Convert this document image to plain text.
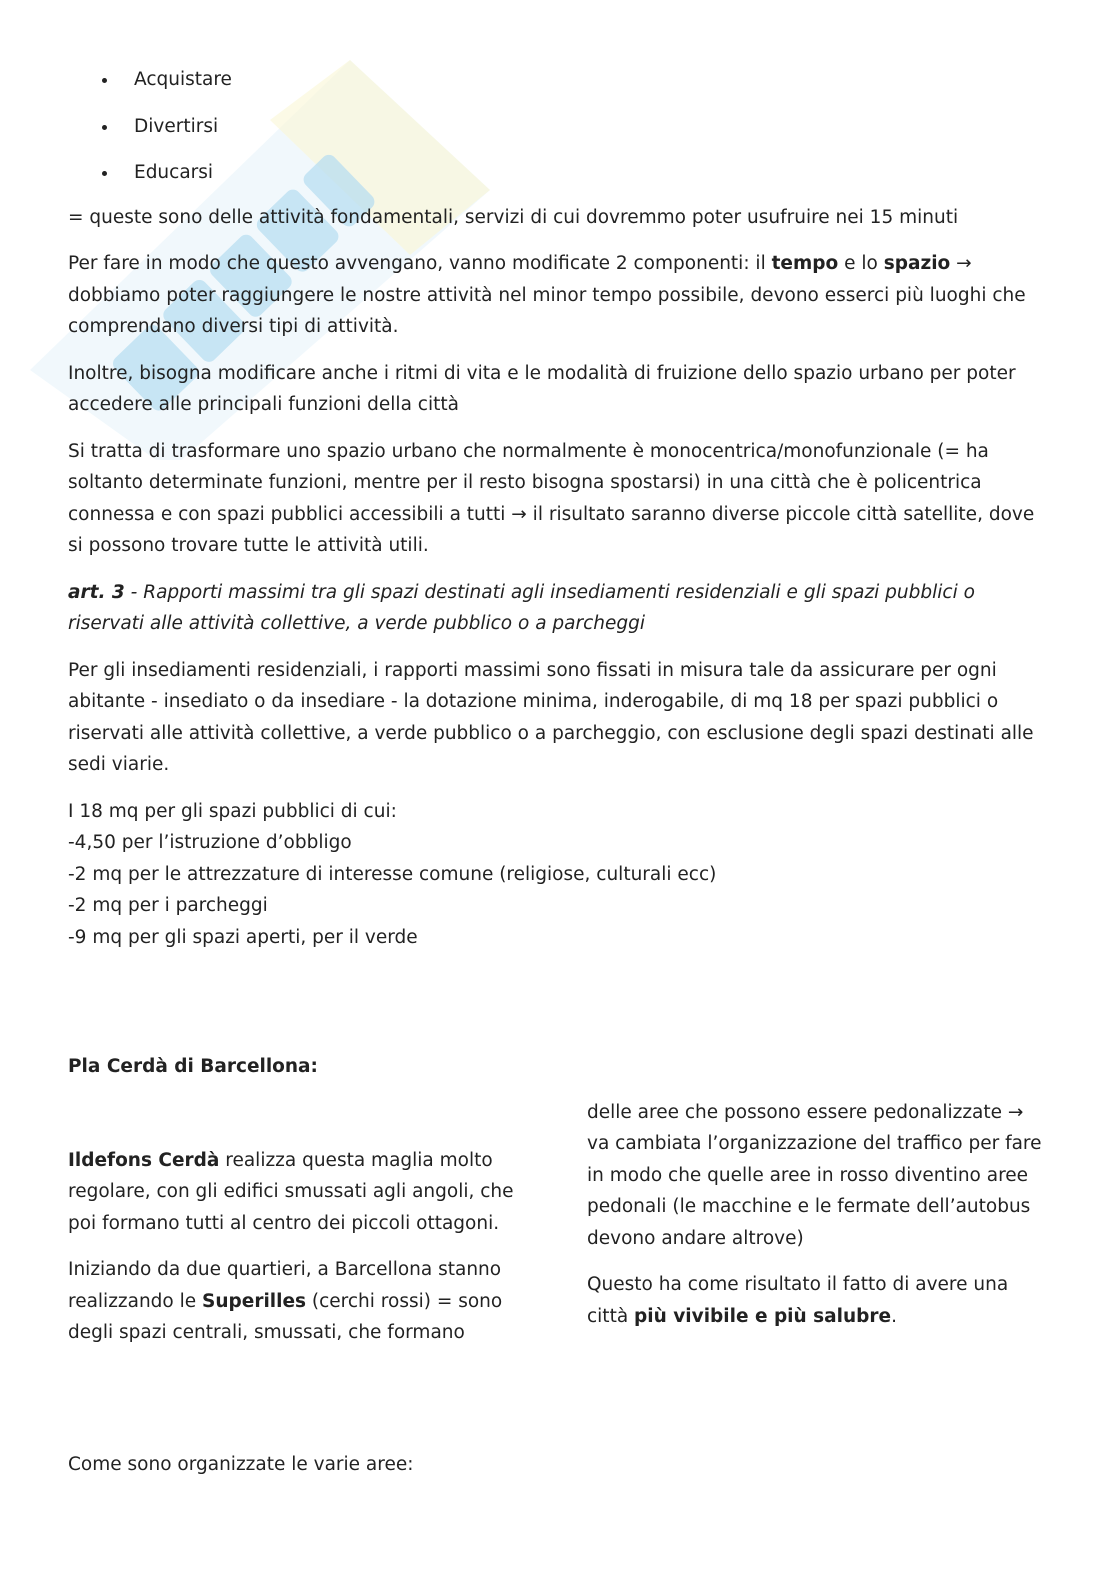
Acquistare
Divertirsi
Educarsi

= queste sono delle attività fondamentali, servizi di cui dovremmo poter usufruire nei 15 minuti

Per fare in modo che questo avvengano, vanno modificate 2 componenti: il tempo e lo spazio → dobbiamo poter raggiungere le nostre attività nel minor tempo possibile, devono esserci più luoghi che comprendano diversi tipi di attività.

Inoltre, bisogna modificare anche i ritmi di vita e le modalità di fruizione dello spazio urbano per poter accedere alle principali funzioni della città

Si tratta di trasformare uno spazio urbano che normalmente è monocentrica/monofunzionale (= ha soltanto determinate funzioni, mentre per il resto bisogna spostarsi) in una città che è policentrica connessa e con spazi pubblici accessibili a tutti → il risultato saranno diverse piccole città satellite, dove si possono trovare tutte le attività utili.

art. 3 - Rapporti massimi tra gli spazi destinati agli insediamenti residenziali e gli spazi pubblici o riservati alle attività collettive, a verde pubblico o a parcheggi

Per gli insediamenti residenziali, i rapporti massimi sono fissati in misura tale da assicurare per ogni abitante - insediato o da insediare - la dotazione minima, inderogabile, di mq 18 per spazi pubblici o riservati alle attività collettive, a verde pubblico o a parcheggio, con esclusione degli spazi destinati alle sedi viarie.

I 18 mq per gli spazi pubblici di cui:
-4,50 per l’istruzione d’obbligo
-2 mq per le attrezzature di interesse comune (religiose, culturali ecc)
-2 mq per i parcheggi
-9 mq per gli spazi aperti, per il verde

Pla Cerdà di Barcellona:

Ildefons Cerdà realizza questa maglia molto regolare, con gli edifici smussati agli angoli, che poi formano tutti al centro dei piccoli ottagoni.

Iniziando da due quartieri, a Barcellona stanno realizzando le Superilles (cerchi rossi) = sono degli spazi centrali, smussati, che formano

delle aree che possono essere pedonalizzate → va cambiata l’organizzazione del traffico per fare in modo che quelle aree in rosso diventino aree pedonali (le macchine e le fermate dell’autobus devono andare altrove)

Questo ha come risultato il fatto di avere una città più vivibile e più salubre.

Come sono organizzate le varie aree:
